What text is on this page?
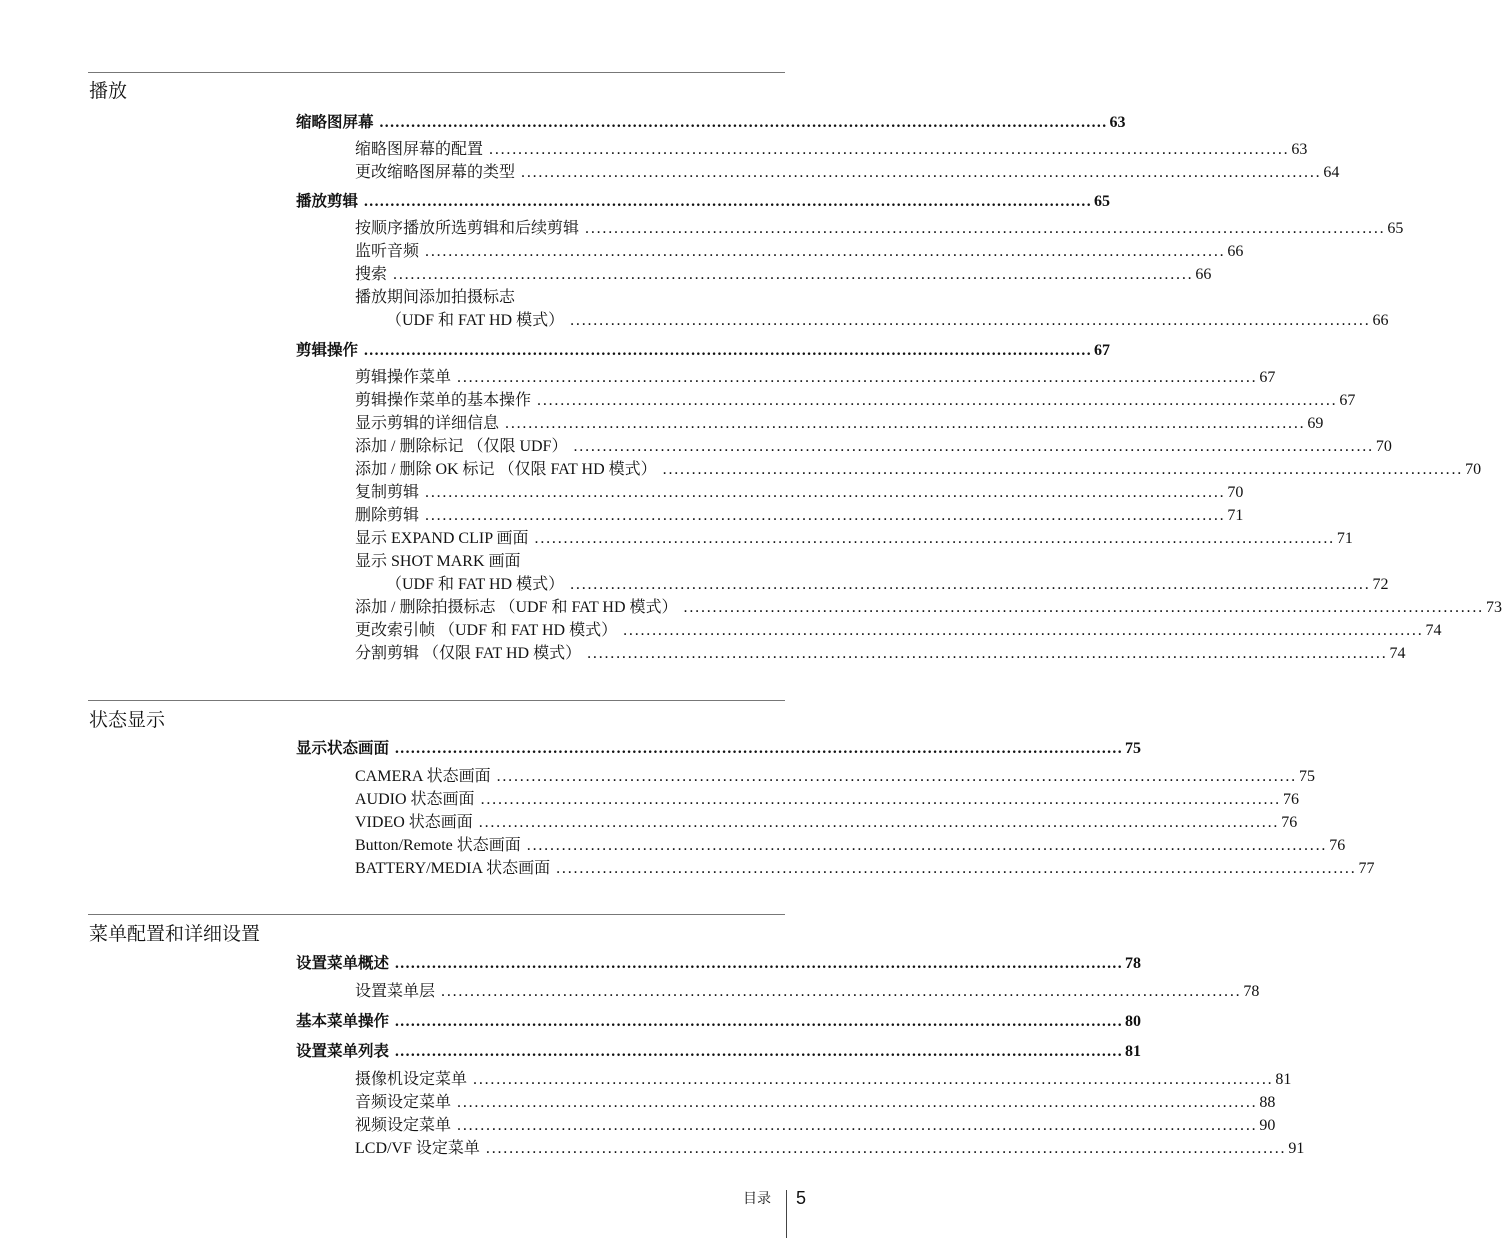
播放
缩略图屏幕 .......................................................................................................................................... 63
缩略图屏幕的配置 .......................................................................................................................................... 63
更改缩略图屏幕的类型 .......................................................................................................................................... 64
播放剪辑 .......................................................................................................................................... 65
按顺序播放所选剪辑和后续剪辑 .......................................................................................................................................... 65
监听音频 .......................................................................................................................................... 66
搜索 .......................................................................................................................................... 66
播放期间添加拍摄标志
（UDF 和 FAT HD 模式） .......................................................................................................................................... 66
剪辑操作 .......................................................................................................................................... 67
剪辑操作菜单 .......................................................................................................................................... 67
剪辑操作菜单的基本操作 .......................................................................................................................................... 67
显示剪辑的详细信息 .......................................................................................................................................... 69
添加 / 删除标记 （仅限 UDF） .......................................................................................................................................... 70
添加 / 删除 OK 标记 （仅限 FAT HD 模式） .......................................................................................................................................... 70
复制剪辑 .......................................................................................................................................... 70
删除剪辑 .......................................................................................................................................... 71
显示 EXPAND CLIP 画面 .......................................................................................................................................... 71
显示 SHOT MARK 画面
（UDF 和 FAT HD 模式） .......................................................................................................................................... 72
添加 / 删除拍摄标志 （UDF 和 FAT HD 模式） .......................................................................................................................................... 73
更改索引帧 （UDF 和 FAT HD 模式） .......................................................................................................................................... 74
分割剪辑 （仅限 FAT HD 模式） .......................................................................................................................................... 74
状态显示
显示状态画面 .......................................................................................................................................... 75
CAMERA 状态画面 .......................................................................................................................................... 75
AUDIO 状态画面 .......................................................................................................................................... 76
VIDEO 状态画面 .......................................................................................................................................... 76
Button/Remote 状态画面 .......................................................................................................................................... 76
BATTERY/MEDIA 状态画面 .......................................................................................................................................... 77
菜单配置和详细设置
设置菜单概述 .......................................................................................................................................... 78
设置菜单层 .......................................................................................................................................... 78
基本菜单操作 .......................................................................................................................................... 80
设置菜单列表 .......................................................................................................................................... 81
摄像机设定菜单 .......................................................................................................................................... 81
音频设定菜单 .......................................................................................................................................... 88
视频设定菜单 .......................................................................................................................................... 90
LCD/VF 设定菜单 .......................................................................................................................................... 91
目录 5
